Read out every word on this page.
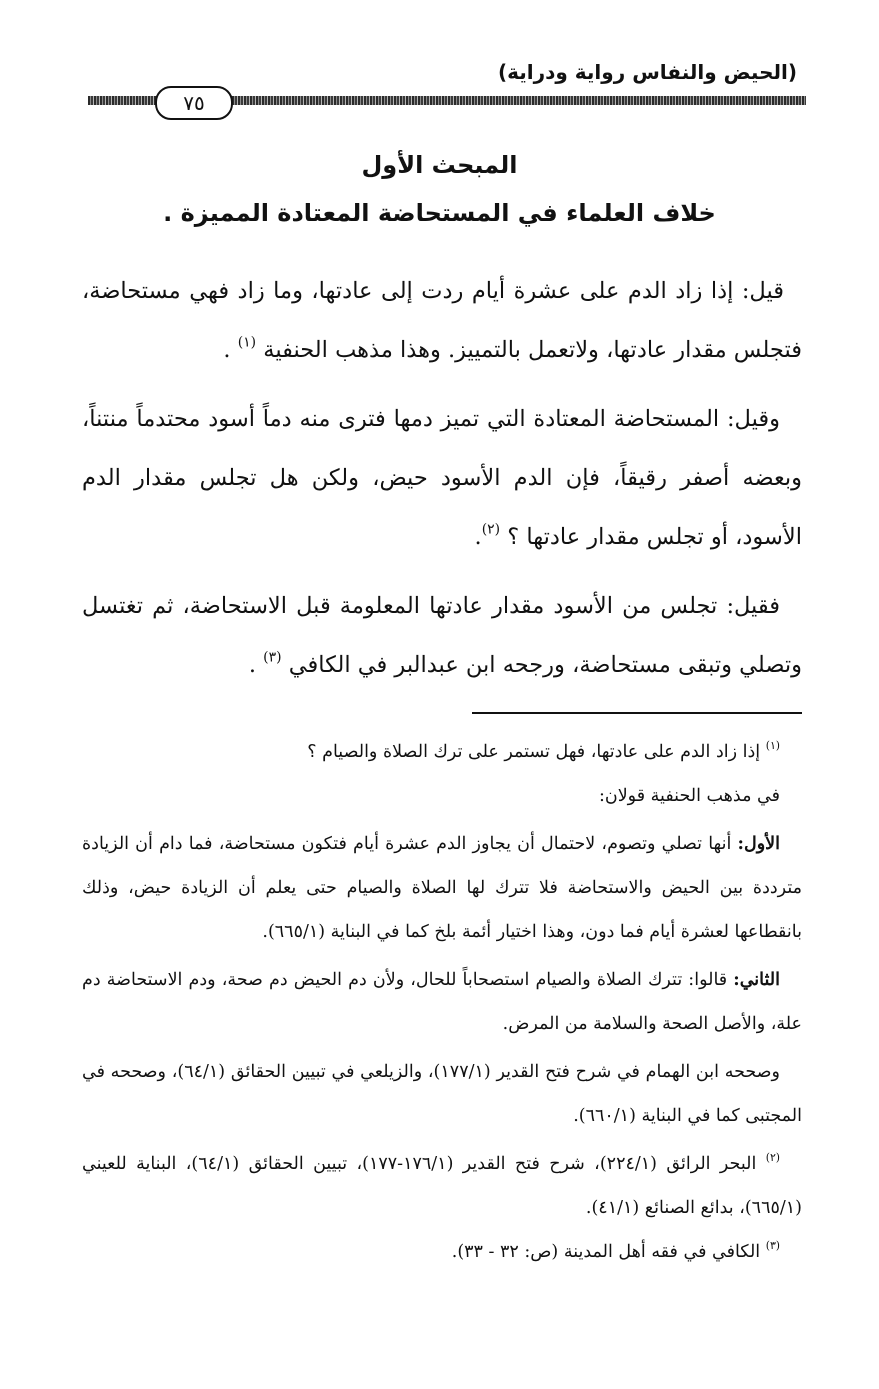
(الحيض والنفاس رواية ودراية)
٧٥
المبحث الأول
خلاف العلماء في المستحاضة المعتادة المميزة .

قيل: إذا زاد الدم على عشرة أيام ردت إلى عادتها، وما زاد فهي مستحاضة، فتجلس مقدار عادتها، ولاتعمل بالتمييز. وهذا مذهب الحنفية $^{(١)}$ .

وقيل: المستحاضة المعتادة التي تميز دمها فترى منه دماً أسود محتدماً منتناً، وبعضه أصفر رقيقاً، فإن الدم الأسود حيض، ولكن هل تجلس مقدار الدم الأسود، أو تجلس مقدار عادتها ؟ $^{(٢)}$.

فقيل: تجلس من الأسود مقدار عادتها المعلومة قبل الاستحاضة، ثم تغتسل وتصلي وتبقى مستحاضة، ورجحه ابن عبدالبر في الكافي $^{(٣)}$ .

$^{(١)}$ إذا زاد الدم على عادتها، فهل تستمر على ترك الصلاة والصيام ؟

في مذهب الحنفية قولان:

الأول: أنها تصلي وتصوم، لاحتمال أن يجاوز الدم عشرة أيام فتكون مستحاضة، فما دام أن الزيادة مترددة بين الحيض والاستحاضة فلا تترك لها الصلاة والصيام حتى يعلم أن الزيادة حيض، وذلك بانقطاعها لعشرة أيام فما دون، وهذا اختيار أئمة بلخ كما في البناية (٦٦٥/١).

الثاني: قالوا: تترك الصلاة والصيام استصحاباً للحال، ولأن دم الحيض دم صحة، ودم الاستحاضة دم علة، والأصل الصحة والسلامة من المرض.

وصححه ابن الهمام في شرح فتح القدير (١٧٧/١)، والزيلعي في تبيين الحقائق (٦٤/١)، وصححه في المجتبى كما في البناية (٦٦٠/١).

$^{(٢)}$ البحر الرائق (٢٢٤/١)، شرح فتح القدير (١٧٦/١-١٧٧)، تبيين الحقائق (٦٤/١)، البناية للعيني (٦٦٥/١)، بدائع الصنائع (٤١/١).

$^{(٣)}$ الكافي في فقه أهل المدينة (ص: ٣٢ - ٣٣).
